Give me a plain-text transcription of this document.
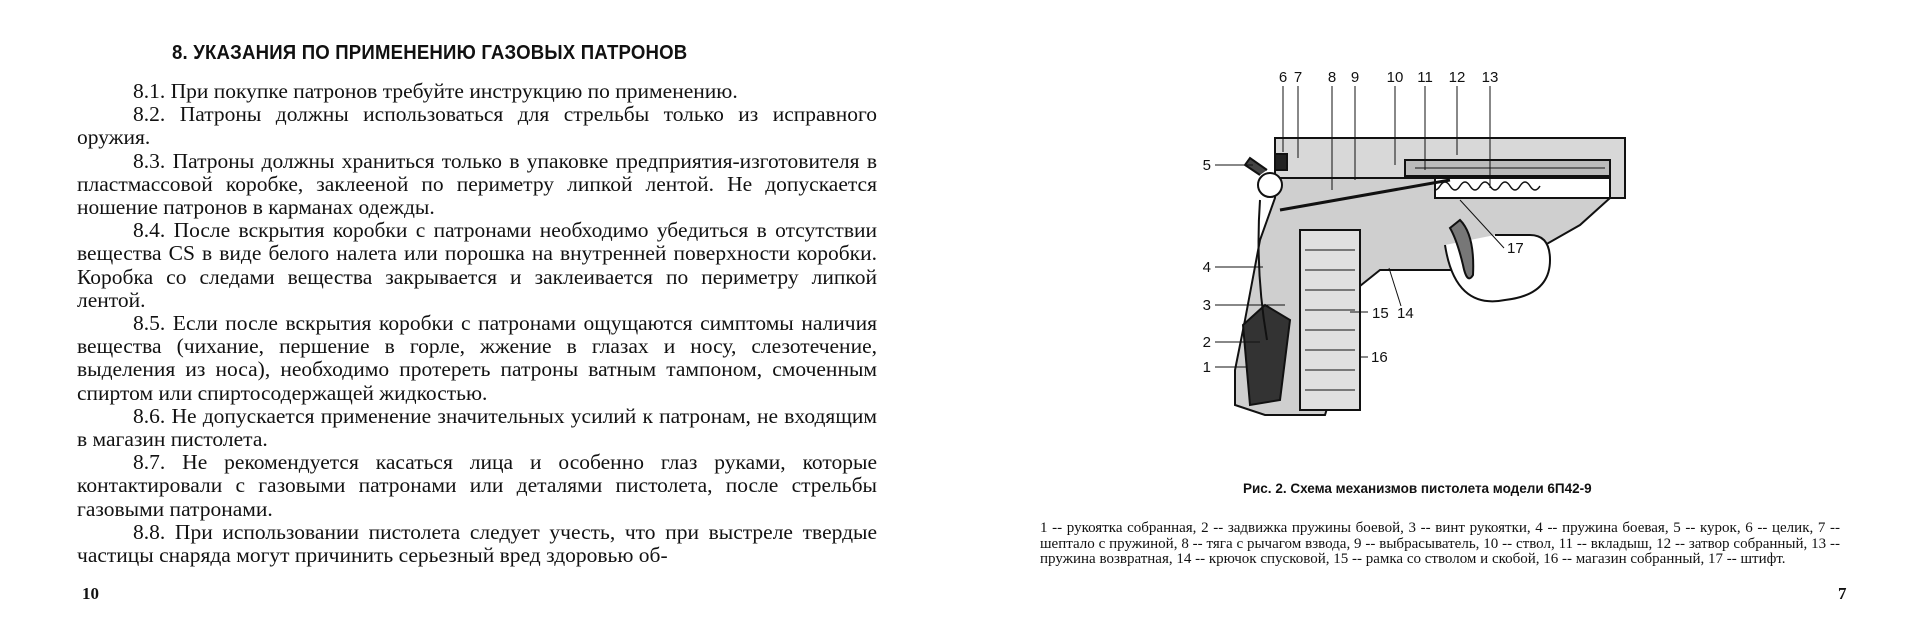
8. УКАЗАНИЯ ПО ПРИМЕНЕНИЮ ГАЗОВЫХ ПАТРОНОВ

8.1. При покупке патронов требуйте инструкцию по применению.

8.2. Патроны должны использоваться для стрельбы только из исправного оружия.

8.3. Патроны должны храниться только в упаковке предприятия-изготовителя в пластмассовой коробке, заклееной по периметру липкой лентой. Не допускается ношение патронов в карманах одежды.

8.4. После вскрытия коробки с патронами необходимо убедиться в отсутствии вещества CS в виде белого налета или порошка на внутренней поверхности коробки. Коробка со следами вещества закрывается и заклеивается по периметру липкой лентой.

8.5. Если после вскрытия коробки с патронами ощущаются симптомы наличия вещества (чихание, першение в горле, жжение в глазах и носу, слезотечение, выделения из носа), необходимо протереть патроны ватным тампоном, смоченным спиртом или спиртосодержащей жидкостью.

8.6. Не допускается применение значительных усилий к патронам, не входящим в магазин пистолета.

8.7. Не рекомендуется касаться лица и особенно глаз руками, которые контактировали с газовыми патронами или деталями пистолета, после стрельбы газовыми патронами.

8.8. При использовании пистолета следует учесть, что при выстреле твердые частицы снаряда могут причинить серьезный вред здоровью об-

10
6 7 8 9 10 11 12 13
5
4
3
2
1
15 14
16
17
Рис. 2. Схема механизмов пистолета модели 6П42-9

1 -- рукоятка собранная, 2 -- задвижка пружины боевой, 3 -- винт рукоятки, 4 -- пружина боевая, 5 -- курок, 6 -- целик, 7 -- шептало с пружиной, 8 -- тяга с рычагом взвода, 9 -- выбрасыватель, 10 -- ствол, 11 -- вкладыш, 12 -- затвор собранный, 13 -- пружина возвратная, 14 -- крючок спусковой, 15 -- рамка со стволом и скобой, 16 -- магазин собранный, 17 -- штифт.

7
